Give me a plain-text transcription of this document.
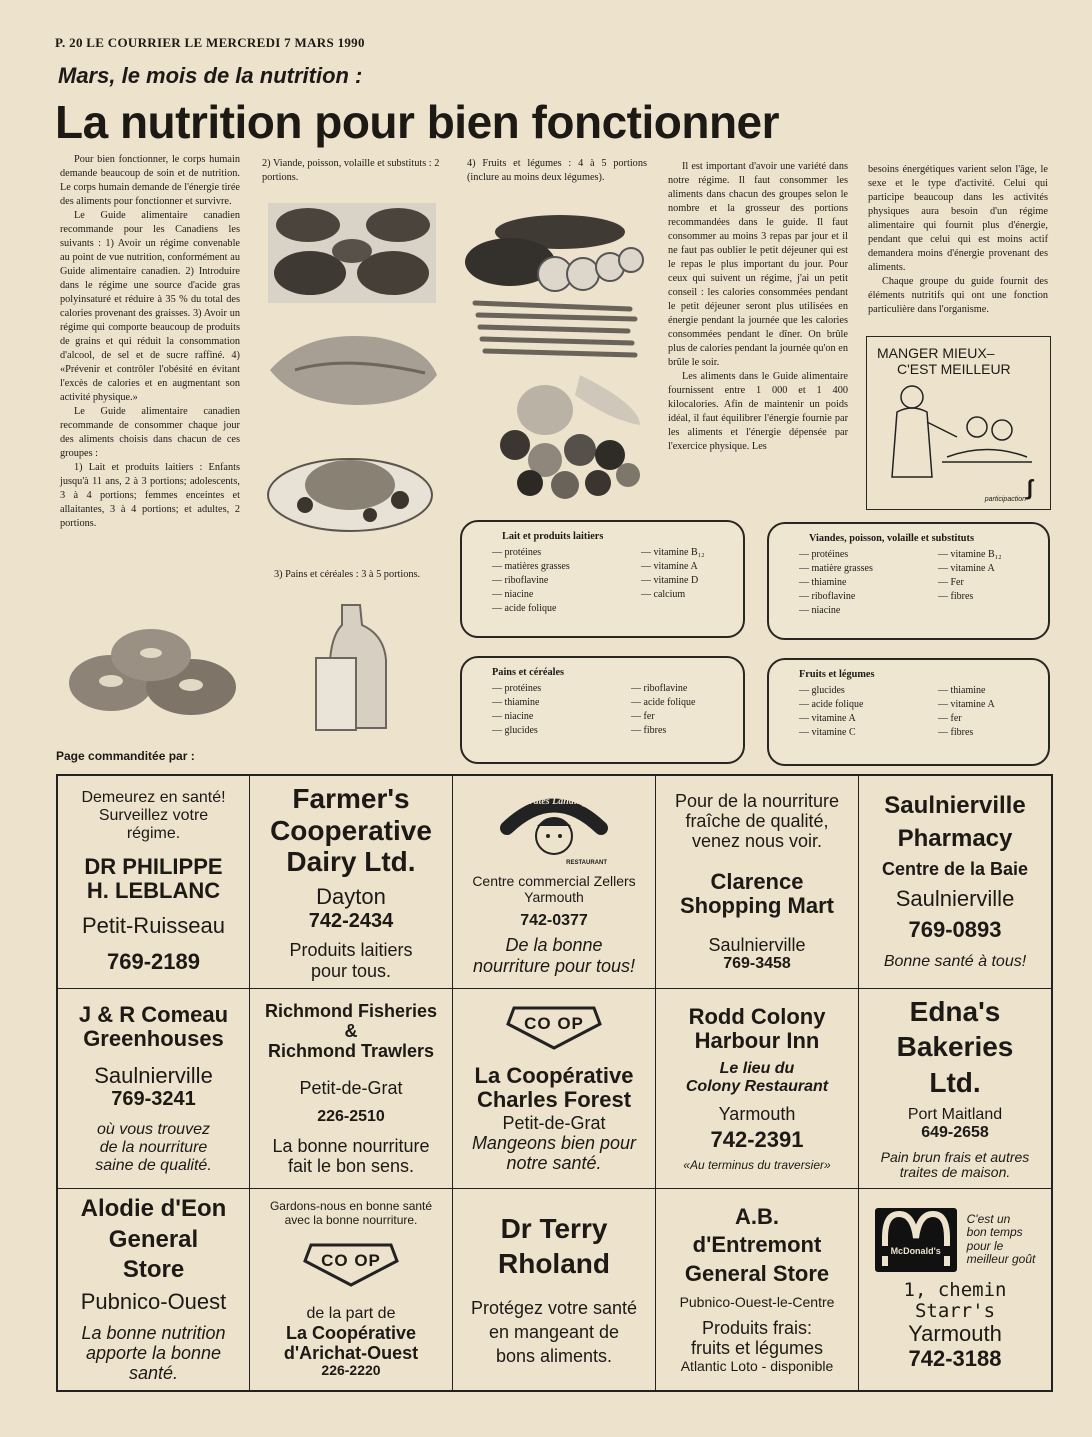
P. 20 LE COURRIER LE MERCREDI 7 MARS 1990
Mars, le mois de la nutrition :
La nutrition pour bien fonctionner

Pour bien fonctionner, le corps humain demande beaucoup de soin et de nutrition. Le corps humain demande de l'énergie tirée des aliments pour fonctionner et survivre.

Le Guide alimentaire canadien recommande pour les Canadiens les suivants : 1) Avoir un régime convenable au point de vue nutrition, conformément au Guide alimentaire canadien. 2) Introduire dans le régime une source d'acide gras polyinsaturé et réduire à 35 % du total des calories provenant des graisses. 3) Avoir un régime qui comporte beaucoup de produits de grains et qui réduit la consommation d'alcool, de sel et de sucre raffiné. 4) «Prévenir et contrôler l'obésité en évitant l'excès de calories et en augmentant son activité physique.»

Le Guide alimentaire canadien recommande de consommer chaque jour des aliments choisis dans chacun de ces groupes :

1) Lait et produits laitiers : Enfants jusqu'à 11 ans, 2 à 3 portions; adolescents, 3 à 4 portions; femmes enceintes et allaitantes, 3 à 4 portions; et adultes, 2 portions.

2) Viande, poisson, volaille et substituts : 2 portions.
3) Pains et céréales : 3 à 5 portions.
4) Fruits et légumes : 4 à 5 portions (inclure au moins deux légumes).

Il est important d'avoir une variété dans notre régime. Il faut consommer les aliments dans chacun des groupes selon le nombre et la grosseur des portions recommandées dans le guide. Il faut consommer au moins 3 repas par jour et il ne faut pas oublier le petit déjeuner qui est le repas le plus important du jour. Pour ceux qui suivent un régime, j'ai un petit conseil : les calories consommées pendant le petit déjeuner seront plus utilisées en énergie pendant la journée que les calories consommées pendant le dîner. On brûle plus de calories pendant la journée qu'on en brûle le soir.

Les aliments dans le Guide alimentaire fournissent entre 1 000 et 1 400 kilocalories. Afin de maintenir un poids idéal, il faut équilibrer l'énergie fournie par les aliments et l'énergie dépensée par l'exercice physique. Les

besoins énergétiques varient selon l'âge, le sexe et le type d'activité. Celui qui participe beaucoup dans les activités physiques aura besoin d'un régime alimentaire qui fournit plus d'énergie, pendant que celui qui est moins actif demandera moins d'énergie provenant des aliments.

Chaque groupe du guide fournit des éléments nutritifs qui ont une fonction particulière dans l'organisme.

MANGER MIEUX–
C'EST MEILLEUR
participaction ʃ
Lait et produits laitiers
— protéines
— matières grasses
— riboflavine
— niacine
— acide folique
— vitamine B₁₂
— vitamine A
— vitamine D
— calcium
Viandes, poisson, volaille et substituts
— protéines
— matière grasses
— thiamine
— riboflavine
— niacine
— vitamine B₁₂
— vitamine A
— Fer
— fibres
Pains et céréales
— protéines
— thiamine
— niacine
— glucides
— riboflavine
— acide folique
— fer
— fibres
Fruits et légumes
— glucides
— acide folique
— vitamine A
— vitamine C
— thiamine
— vitamine A
— fer
— fibres
Page commanditée par :
Demeurez en santé!
Surveillez votre
régime.
DR PHILIPPE
H. LEBLANC
Petit-Ruisseau
769-2189
Farmer's
Cooperative
Dairy Ltd.
Dayton
742-2434
Produits laitiers
pour tous.
Pirates Landing
RESTAURANT
Centre commercial Zellers
Yarmouth
742-0377
De la bonne
nourriture pour tous!
Pour de la nourriture
fraîche de qualité,
venez nous voir.
Clarence
Shopping Mart
Saulnierville
769-3458
Saulnierville
Pharmacy
Centre de la Baie
Saulnierville
769-0893
Bonne santé à tous!
J & R Comeau
Greenhouses
Saulnierville
769-3241
où vous trouvez
de la nourriture
saine de qualité.
Richmond Fisheries
&
Richmond Trawlers
Petit-de-Grat
226-2510
La bonne nourriture
fait le bon sens.
CO OP
La Coopérative
Charles Forest
Petit-de-Grat
Mangeons bien pour
notre santé.
Rodd Colony
Harbour Inn
Le lieu du
Colony Restaurant
Yarmouth
742-2391
«Au terminus du traversier»
Edna's
Bakeries
Ltd.
Port Maitland
649-2658
Pain brun frais et autres
traites de maison.
Alodie d'Eon
General
Store
Pubnico-Ouest
La bonne nutrition
apporte la bonne
santé.
Gardons-nous en bonne santé
avec la bonne nourriture.
CO OP
de la part de
La Coopérative
d'Arichat-Ouest
226-2220
Dr Terry
Rholand
Protégez votre santé
en mangeant de
bons aliments.
A.B.
d'Entremont
General Store
Pubnico-Ouest-le-Centre
Produits frais:
fruits et légumes
Atlantic Loto - disponible
McDonald's
C'est un
bon temps
pour le
meilleur goût
1, chemin Starr's
Yarmouth
742-3188
